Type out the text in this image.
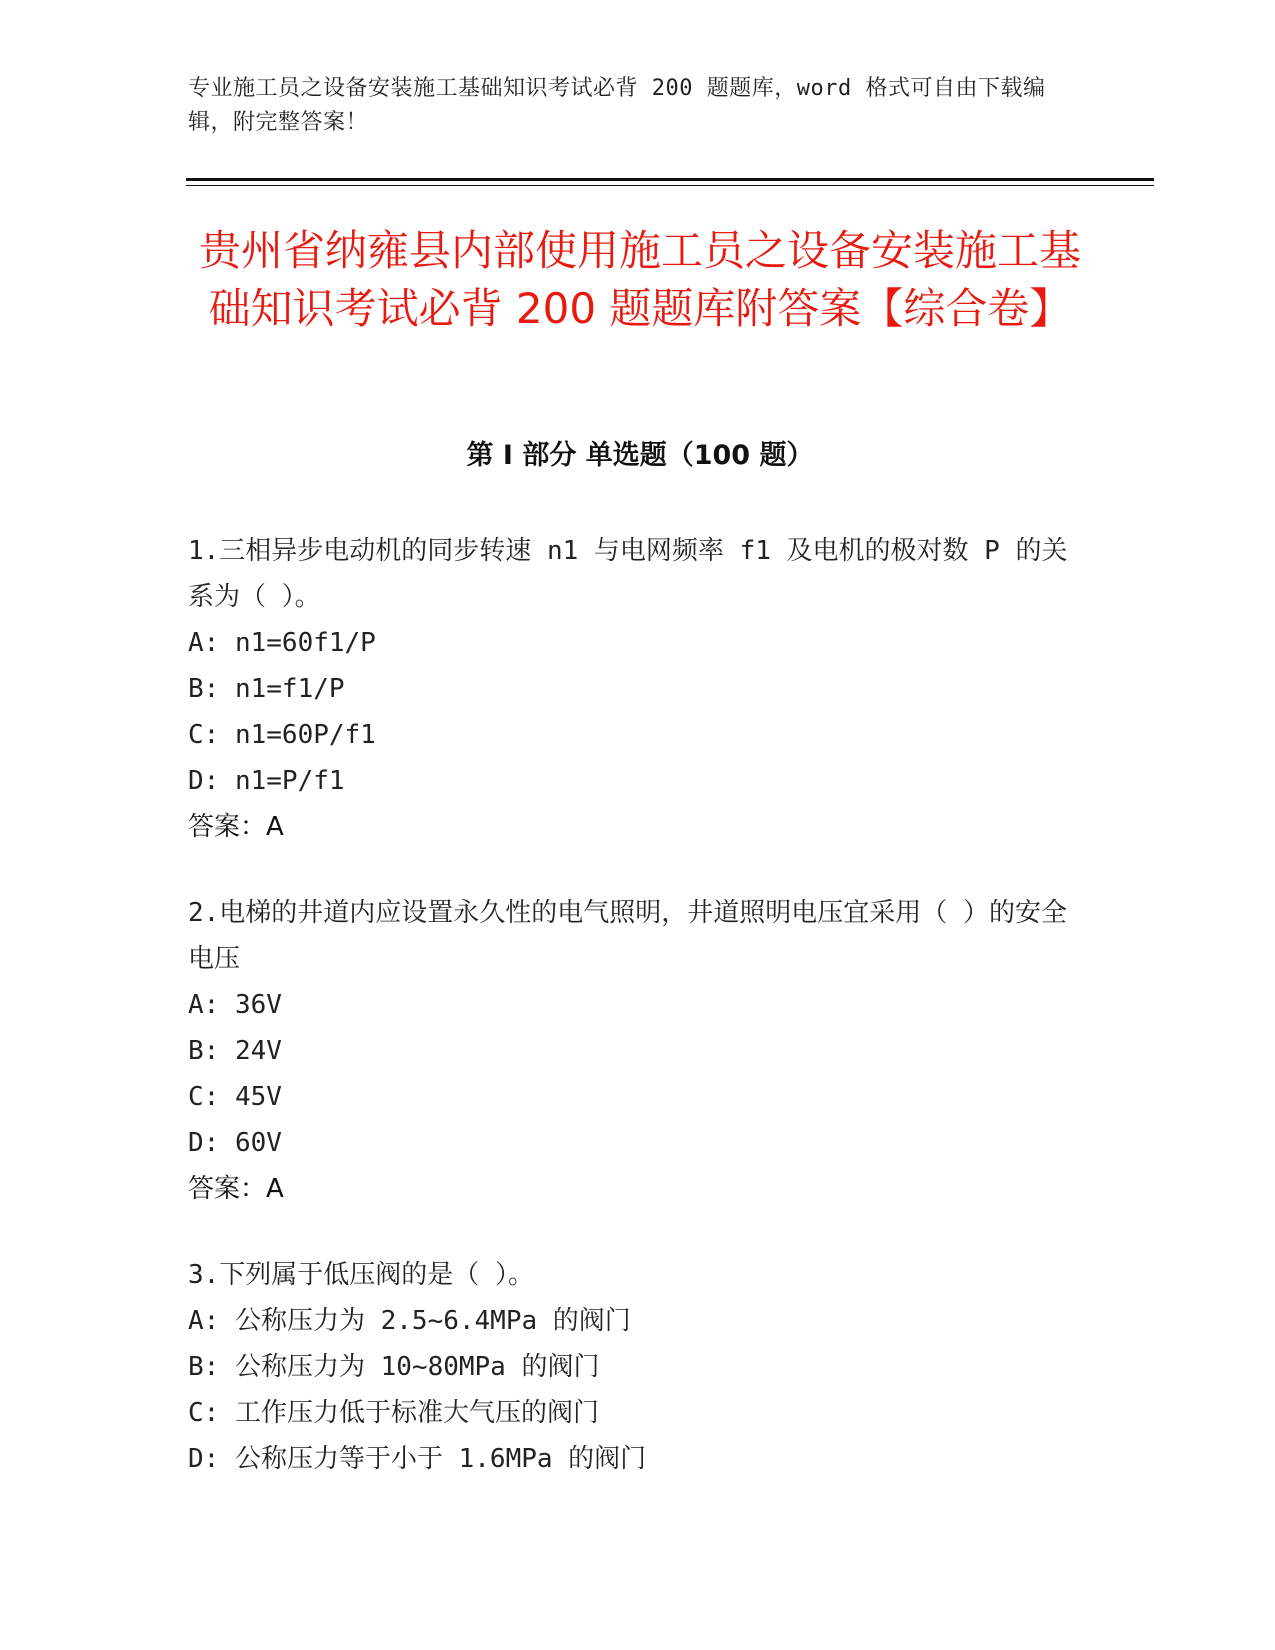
专业施工员之设备安装施工基础知识考试必背 200 题题库，word 格式可自由下载编辑，附完整答案！
贵州省纳雍县内部使用施工员之设备安装施工基础知识考试必背 200 题题库附答案【综合卷】
第 I 部分 单选题（100 题）

1.三相异步电动机的同步转速 n1 与电网频率 f1 及电机的极对数 P 的关系为（ ）。

A: n1=60f1/P

B: n1=f1/P

C: n1=60P/f1

D: n1=P/f1

答案：A

2.电梯的井道内应设置永久性的电气照明，井道照明电压宜采用（ ）的安全电压

A: 36V

B: 24V

C: 45V

D: 60V

答案：A

3.下列属于低压阀的是（ ）。

A: 公称压力为 2.5~6.4MPa 的阀门

B: 公称压力为 10~80MPa 的阀门

C: 工作压力低于标准大气压的阀门

D: 公称压力等于小于 1.6MPa 的阀门
